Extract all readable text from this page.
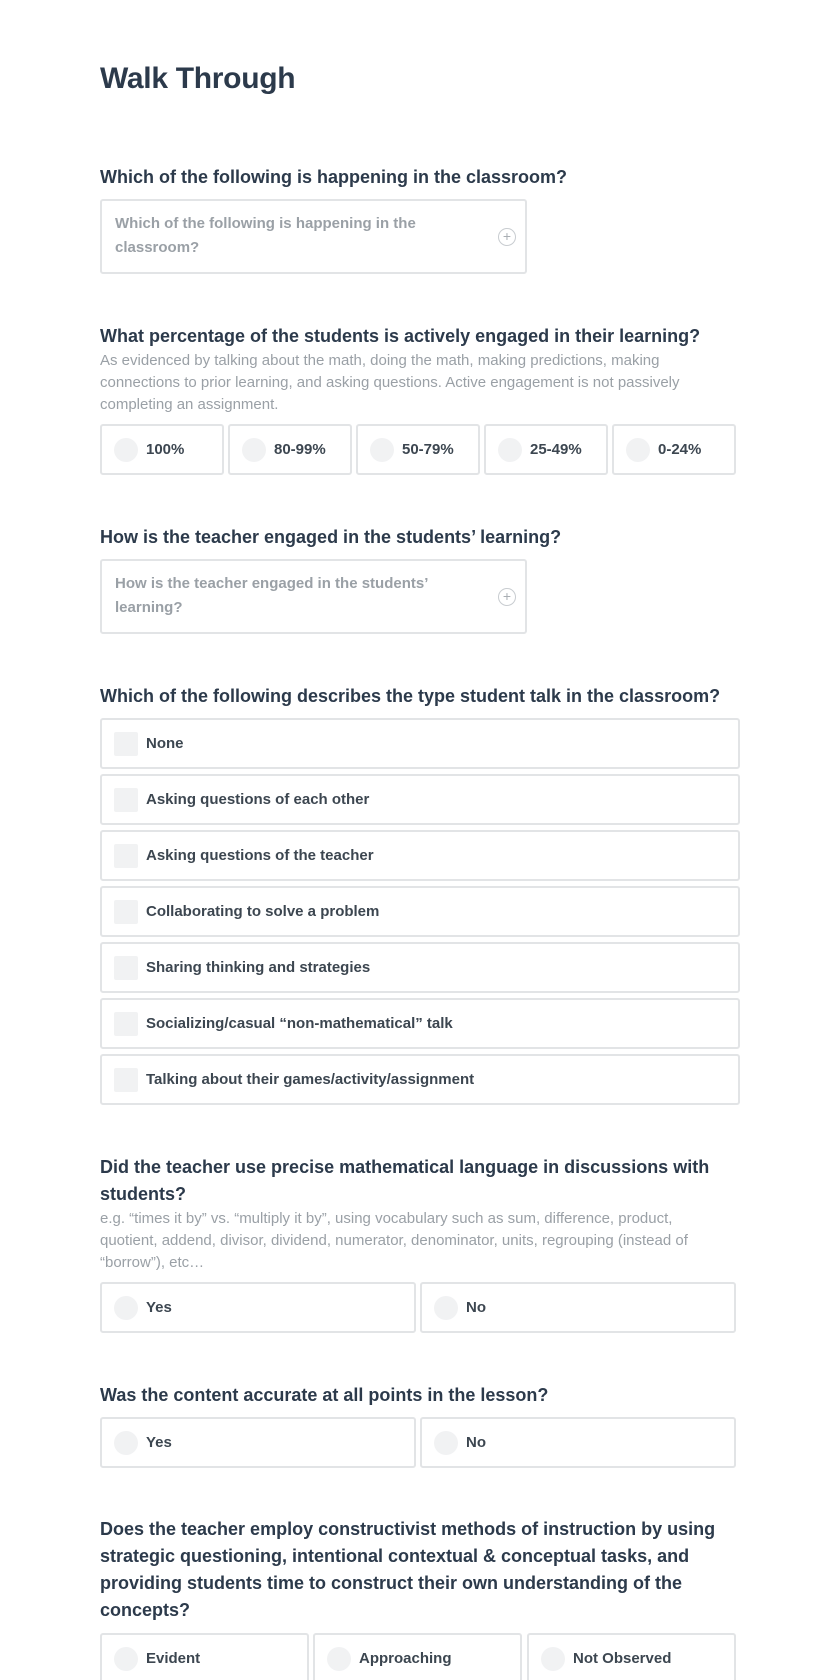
Walk Through
Which of the following is happening in the classroom?
Which of the following is happening in the classroom?
+
What percentage of the students is actively engaged in their learning?
As evidenced by talking about the math, doing the math, making predictions, making connections to prior learning, and asking questions. Active engagement is not passively completing an assignment.
100%	80-99%	50-79%	25-49%	0-24%
How is the teacher engaged in the students’ learning?
How is the teacher engaged in the students’ learning?
+
Which of the following describes the type student talk in the classroom?
None
Asking questions of each other
Asking questions of the teacher
Collaborating to solve a problem
Sharing thinking and strategies
Socializing/casual “non-mathematical” talk
Talking about their games/activity/assignment
Did the teacher use precise mathematical language in discussions with students?
e.g. “times it by” vs. “multiply it by”, using vocabulary such as sum, difference, product, quotient, addend, divisor, dividend, numerator, denominator, units, regrouping (instead of “borrow”), etc…
Yes	No
Was the content accurate at all points in the lesson?
Yes	No
Does the teacher employ constructivist methods of instruction by using strategic questioning, intentional contextual & conceptual tasks, and providing students time to construct their own understanding of the concepts?
Evident	Approaching	Not Observed
